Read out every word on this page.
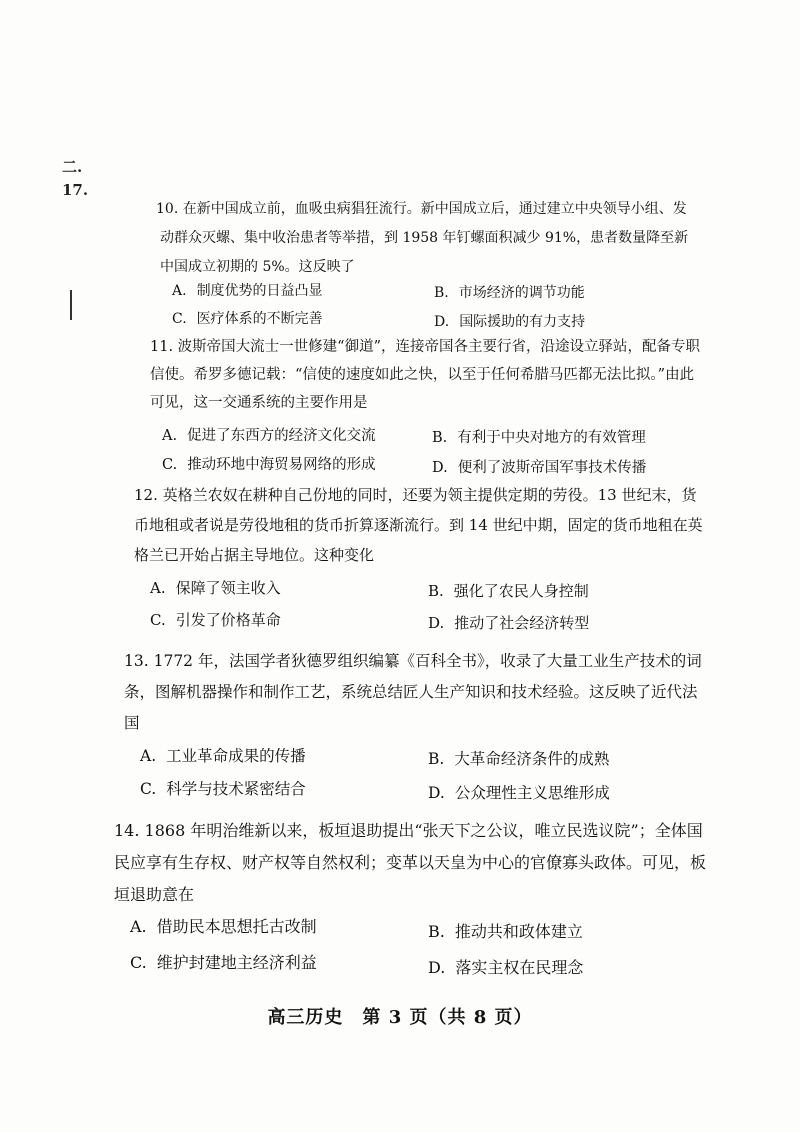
二.
17.
10. 在新中国成立前，血吸虫病猖狂流行。新中国成立后，通过建立中央领导小组、发动群众灭螺、集中收治患者等举措，到 1958 年钉螺面积减少 91%，患者数量降至新中国成立初期的 5%。这反映了
A. 制度优势的日益凸显	B. 市场经济的调节功能
C. 医疗体系的不断完善	D. 国际援助的有力支持
11. 波斯帝国大流士一世修建“御道”，连接帝国各主要行省，沿途设立驿站，配备专职信使。希罗多德记载：“信使的速度如此之快，以至于任何希腊马匹都无法比拟。”由此可见，这一交通系统的主要作用是
A. 促进了东西方的经济文化交流	B. 有利于中央对地方的有效管理
C. 推动环地中海贸易网络的形成	D. 便利了波斯帝国军事技术传播
12. 英格兰农奴在耕种自己份地的同时，还要为领主提供定期的劳役。13 世纪末，货币地租或者说是劳役地租的货币折算逐渐流行。到 14 世纪中期，固定的货币地租在英格兰已开始占据主导地位。这种变化
A. 保障了领主收入	B. 强化了农民人身控制
C. 引发了价格革命	D. 推动了社会经济转型
13. 1772 年，法国学者狄德罗组织编纂《百科全书》，收录了大量工业生产技术的词条，图解机器操作和制作工艺，系统总结匠人生产知识和技术经验。这反映了近代法国
A. 工业革命成果的传播	B. 大革命经济条件的成熟
C. 科学与技术紧密结合	D. 公众理性主义思维形成
14. 1868 年明治维新以来，板垣退助提出“张天下之公议，唯立民选议院”；全体国民应享有生存权、财产权等自然权利；变革以天皇为中心的官僚寡头政体。可见，板垣退助意在
A. 借助民本思想托古改制	B. 推动共和政体建立
C. 维护封建地主经济利益	D. 落实主权在民理念
高三历史　第 3 页（共 8 页）
